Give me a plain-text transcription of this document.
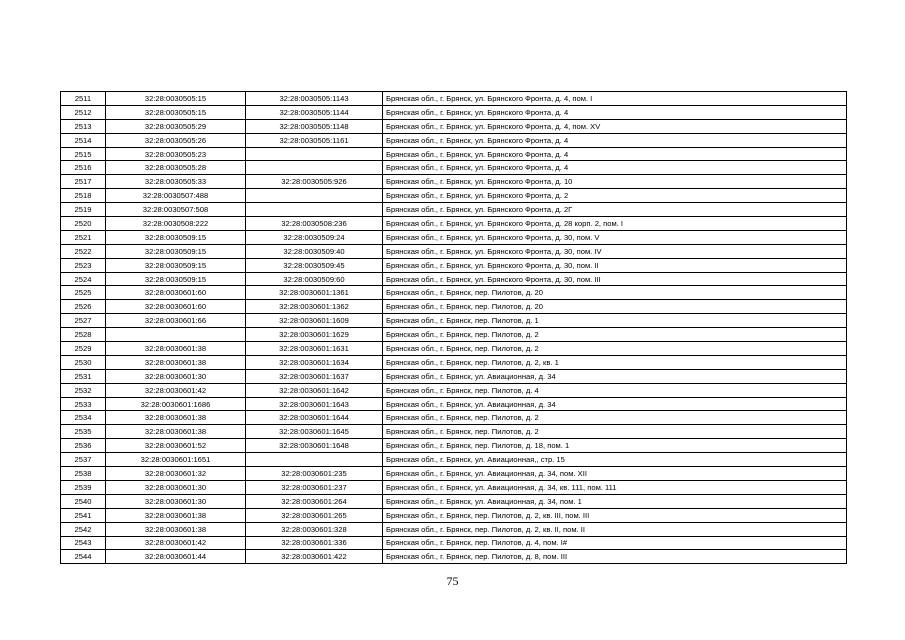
2511	32:28:0030505:15	32:28:0030505:1143	Брянская обл., г. Брянск, ул. Брянского Фронта, д. 4, пом. I
2512	32:28:0030505:15	32:28:0030505:1144	Брянская обл., г. Брянск, ул. Брянского Фронта, д. 4
2513	32:28:0030505:29	32:28:0030505:1148	Брянская обл., г. Брянск, ул. Брянского Фронта, д. 4, пом. XV
2514	32:28:0030505:26	32:28:0030505:1161	Брянская обл., г. Брянск, ул. Брянского Фронта, д. 4
2515	32:28:0030505:23		Брянская обл., г. Брянск, ул. Брянского Фронта, д. 4
2516	32:28:0030505:28		Брянская обл., г. Брянск, ул. Брянского Фронта, д. 4
2517	32:28:0030505:33	32:28:0030505:926	Брянская обл., г. Брянск, ул. Брянского Фронта, д. 10
2518	32:28:0030507:488		Брянская обл., г. Брянск, ул. Брянского Фронта, д. 2
2519	32:28:0030507:508		Брянская обл., г. Брянск, ул. Брянского Фронта, д. 2Г
2520	32:28:0030508:222	32:28:0030508:236	Брянская обл., г. Брянск, ул. Брянского Фронта, д. 28 корп. 2, пом. I
2521	32:28:0030509:15	32:28:0030509:24	Брянская обл., г. Брянск, ул. Брянского Фронта, д. 30, пом. V
2522	32:28:0030509:15	32:28:0030509:40	Брянская обл., г. Брянск, ул. Брянского Фронта, д. 30, пом. IV
2523	32:28:0030509:15	32:28:0030509:45	Брянская обл., г. Брянск, ул. Брянского Фронта, д. 30, пом. II
2524	32:28:0030509:15	32:28:0030509:60	Брянская обл., г. Брянск, ул. Брянского Фронта, д. 30, пом. III
2525	32:28:0030601:60	32:28:0030601:1361	Брянская обл., г. Брянск, пер. Пилотов, д. 20
2526	32:28:0030601:60	32:28:0030601:1362	Брянская обл., г. Брянск, пер. Пилотов, д. 20
2527	32:28:0030601:66	32:28:0030601:1609	Брянская обл., г. Брянск, пер. Пилотов, д. 1
2528		32:28:0030601:1629	Брянская обл., г. Брянск, пер. Пилотов, д. 2
2529	32:28:0030601:38	32:28:0030601:1631	Брянская обл., г. Брянск, пер. Пилотов, д. 2
2530	32:28:0030601:38	32:28:0030601:1634	Брянская обл., г. Брянск, пер. Пилотов, д. 2, кв. 1
2531	32:28:0030601:30	32:28:0030601:1637	Брянская обл., г. Брянск, ул. Авиационная, д. 34
2532	32:28:0030601:42	32:28:0030601:1642	Брянская обл., г. Брянск, пер. Пилотов, д. 4
2533	32:28:0030601:1686	32:28:0030601:1643	Брянская обл., г. Брянск, ул. Авиационная, д. 34
2534	32:28:0030601:38	32:28:0030601:1644	Брянская обл., г. Брянск, пер. Пилотов, д. 2
2535	32:28:0030601:38	32:28:0030601:1645	Брянская обл., г. Брянск, пер. Пилотов, д. 2
2536	32:28:0030601:52	32:28:0030601:1648	Брянская обл., г. Брянск, пер. Пилотов, д. 18, пом. 1
2537	32:28:0030601:1651		Брянская обл., г. Брянск, ул. Авиационная,, стр. 15
2538	32:28:0030601:32	32:28:0030601:235	Брянская обл., г. Брянск, ул. Авиационная, д. 34, пом. XII
2539	32:28:0030601:30	32:28:0030601:237	Брянская обл., г. Брянск, ул. Авиационная, д. 34, кв. 111, пом. 111
2540	32:28:0030601:30	32:28:0030601:264	Брянская обл., г. Брянск, ул. Авиационная, д. 34, пом. 1
2541	32:28:0030601:38	32:28:0030601:265	Брянская обл., г. Брянск, пер. Пилотов, д. 2, кв. III, пом. III
2542	32:28:0030601:38	32:28:0030601:328	Брянская обл., г. Брянск, пер. Пилотов, д. 2, кв. II, пом. II
2543	32:28:0030601:42	32:28:0030601:336	Брянская обл., г. Брянск, пер. Пилотов, д. 4, пом. I#
2544	32:28:0030601:44	32:28:0030601:422	Брянская обл., г. Брянск, пер. Пилотов, д. 8, пом. III
75
